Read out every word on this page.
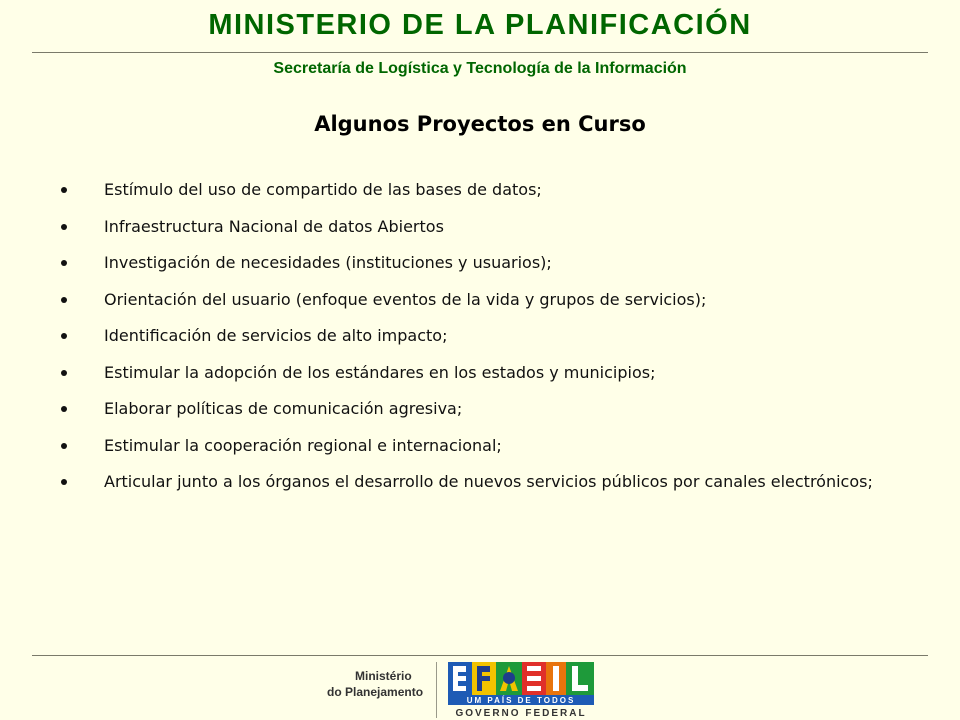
MINISTERIO DE LA PLANIFICACIÓN
Secretaría de Logística y Tecnología de la Información
Algunos Proyectos en Curso
Estímulo del uso de compartido de las bases de datos;
Infraestructura Nacional de datos Abiertos
Investigación de necesidades (instituciones y usuarios);
Orientación del usuario (enfoque eventos de la vida y grupos de servicios);
Identificación de servicios de alto impacto;
Estimular la adopción de los estándares en los estados y municipios;
Elaborar políticas de comunicación agresiva;
Estimular la cooperación regional e internacional;
Articular junto a los órganos el desarrollo de nuevos servicios públicos por canales electrónicos;
Ministério
do Planejamento
UM PAÍS DE TODOS
GOVERNO FEDERAL
